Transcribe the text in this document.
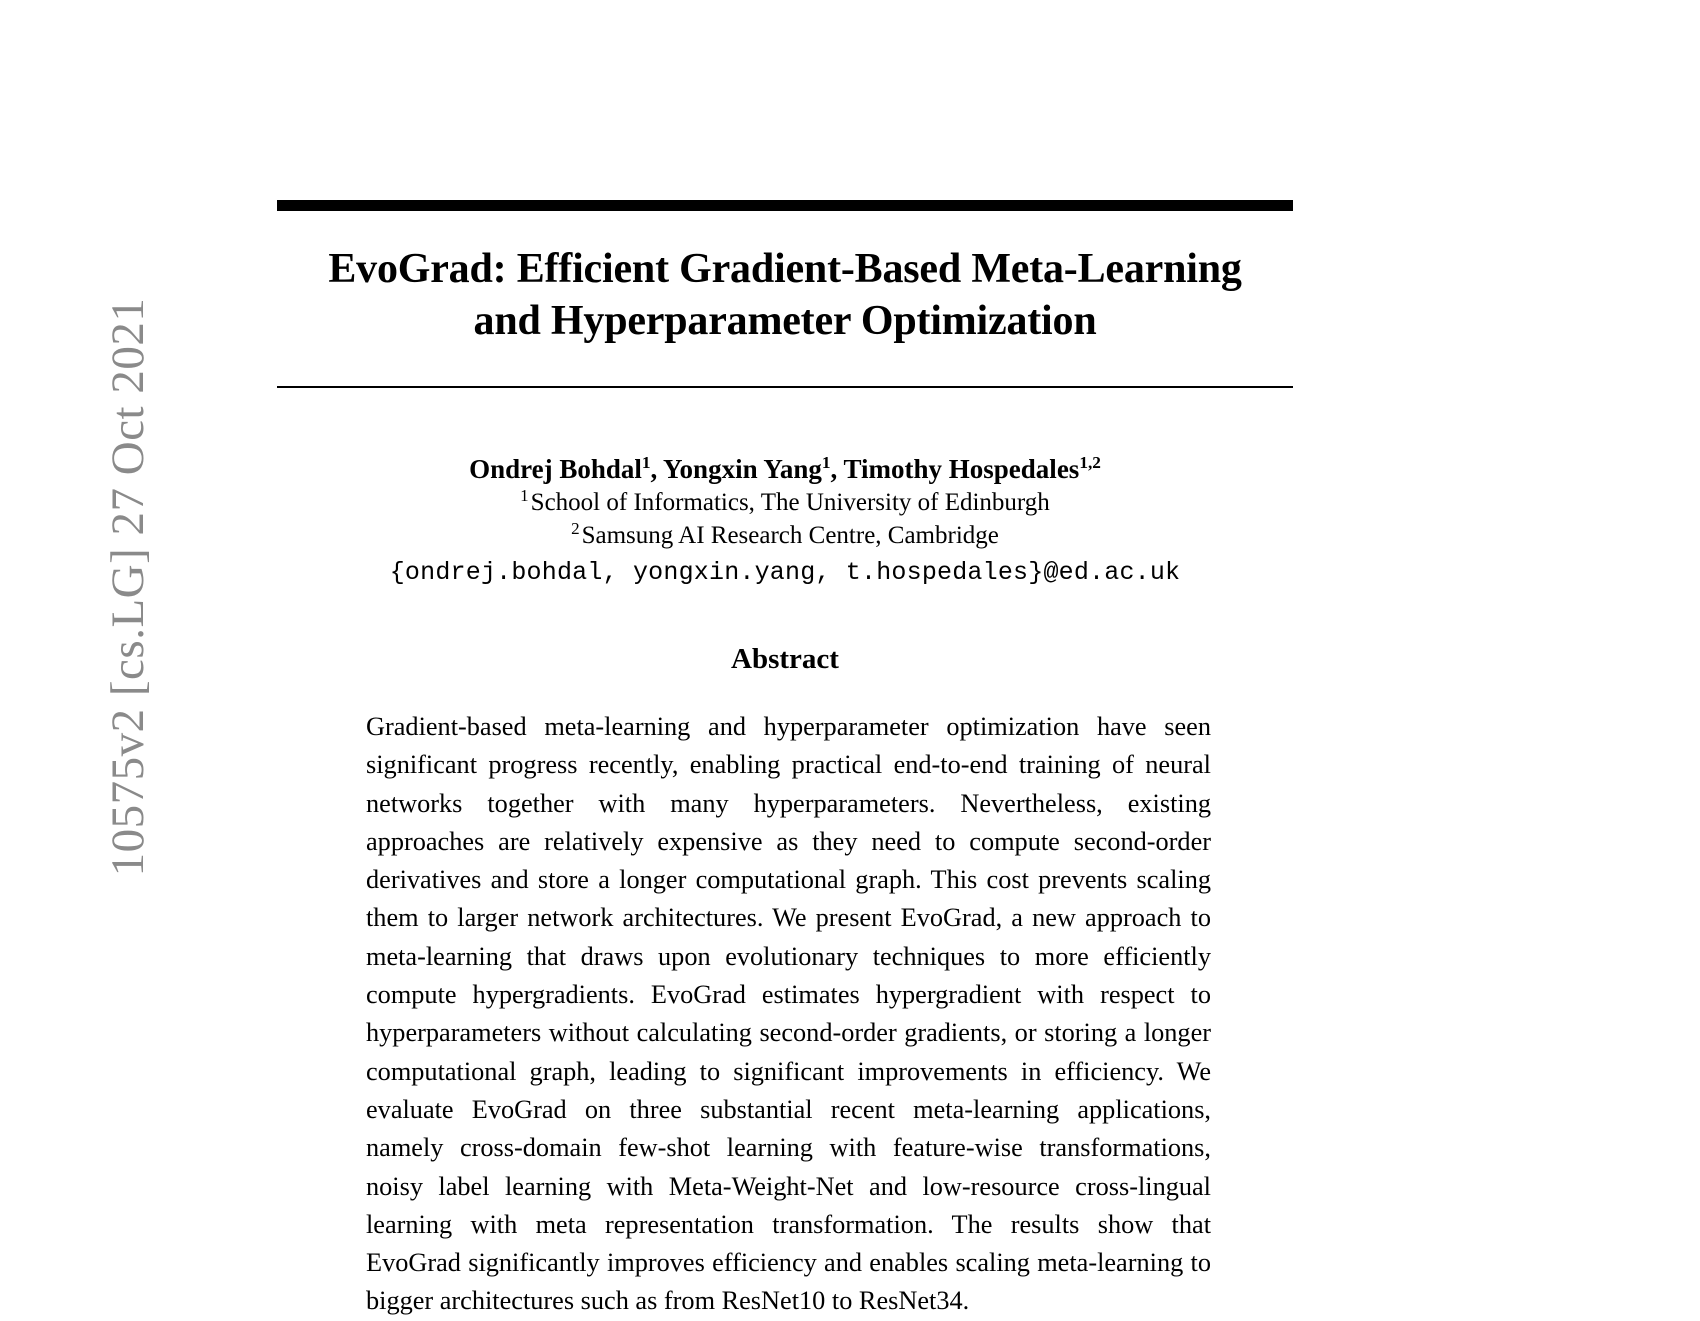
10575v2 [cs.LG] 27 Oct 2021
EvoGrad: Efficient Gradient-Based Meta-Learning
and Hyperparameter Optimization
Ondrej Bohdal$^1$, Yongxin Yang$^1$, Timothy Hospedales$^{1,2}$
$^1$School of Informatics, The University of Edinburgh
$^2$Samsung AI Research Centre, Cambridge
{ondrej.bohdal, yongxin.yang, t.hospedales}@ed.ac.uk
Abstract
Gradient-based meta-learning and hyperparameter optimization have seen significant progress recently, enabling practical end-to-end training of neural networks together with many hyperparameters. Nevertheless, existing approaches are relatively expensive as they need to compute second-order derivatives and store a longer computational graph. This cost prevents scaling them to larger network architectures. We present EvoGrad, a new approach to meta-learning that draws upon evolutionary techniques to more efficiently compute hypergradients. EvoGrad estimates hypergradient with respect to hyperparameters without calculating second-order gradients, or storing a longer computational graph, leading to significant improvements in efficiency. We evaluate EvoGrad on three substantial recent meta-learning applications, namely cross-domain few-shot learning with feature-wise transformations, noisy label learning with Meta-Weight-Net and low-resource cross-lingual learning with meta representation transformation. The results show that EvoGrad significantly improves efficiency and enables scaling meta-learning to bigger architectures such as from ResNet10 to ResNet34.
